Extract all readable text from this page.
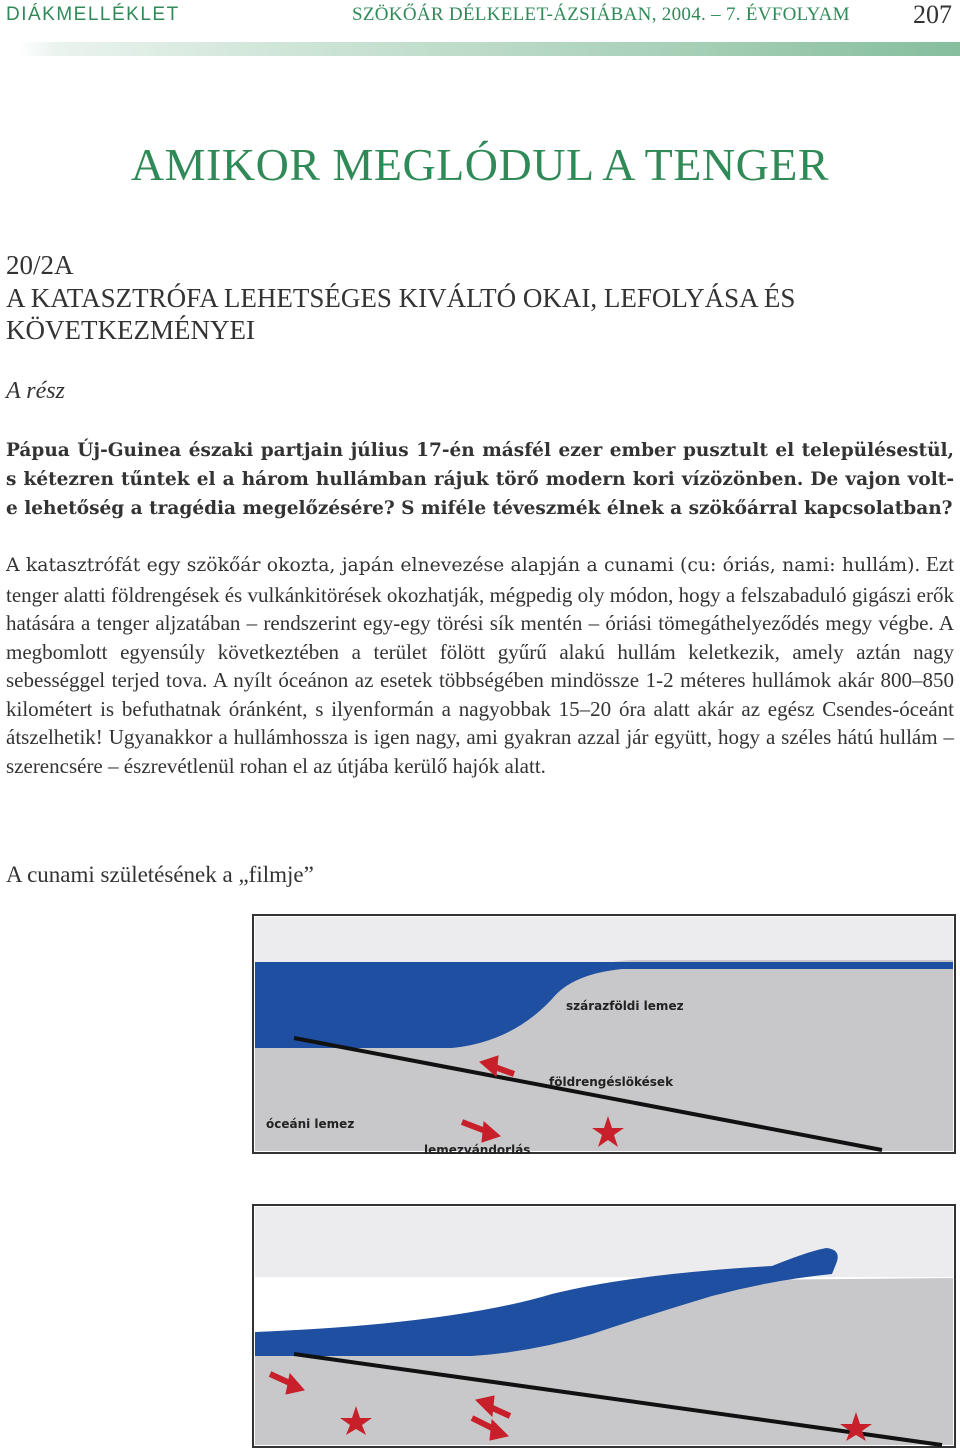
DIÁKMELLÉKLET	SZÖKŐÁR DÉLKELET-ÁZSIÁBAN, 2004. – 7. ÉVFOLYAM 207
AMIKOR MEGLÓDUL A TENGER
20/2A
A KATASZTRÓFA LEHETSÉGES KIVÁLTÓ OKAI, LEFOLYÁSA ÉS KÖVETKEZMÉNYEI
A rész
Pápua Új-Guinea északi partjain július 17-én másfél ezer ember pusztult el településestül, s kétezren tűntek el a három hullámban rájuk törő modern kori vízözönben. De vajon volt-e lehetőség a tragédia megelőzésére? S miféle téveszmék élnek a szökőárral kapcsolatban?
A katasztrófát egy szökőár okozta, japán elnevezése alapján a cunami (cu: óriás, nami: hullám). Ezt tenger alatti földrengések és vulkánkitörések okozhatják, mégpedig oly módon, hogy a felszabaduló gigászi erők hatására a tenger aljzatában – rendszerint egy-egy törési sík mentén – óriási tömegáthelyeződés megy végbe. A megbomlott egyensúly következtében a terület fölött gyűrű alakú hullám keletkezik, amely aztán nagy sebességgel terjed tova. A nyílt óceánon az esetek többségében mindössze 1-2 méteres hullámok akár 800–850 kilométert is befuthatnak óránként, s ilyenformán a nagyobbak 15–20 óra alatt akár az egész Csendes-óceánt átszelhetik! Ugyanakkor a hullámhossza is igen nagy, ami gyakran azzal jár együtt, hogy a széles hátú hullám – szerencsére – észrevétlenül rohan el az útjába kerülő hajók alatt.
A cunami születésének a „filmje”
szárazföldi lemez
földrengéslökések
óceáni lemez
lemezvándorlás
